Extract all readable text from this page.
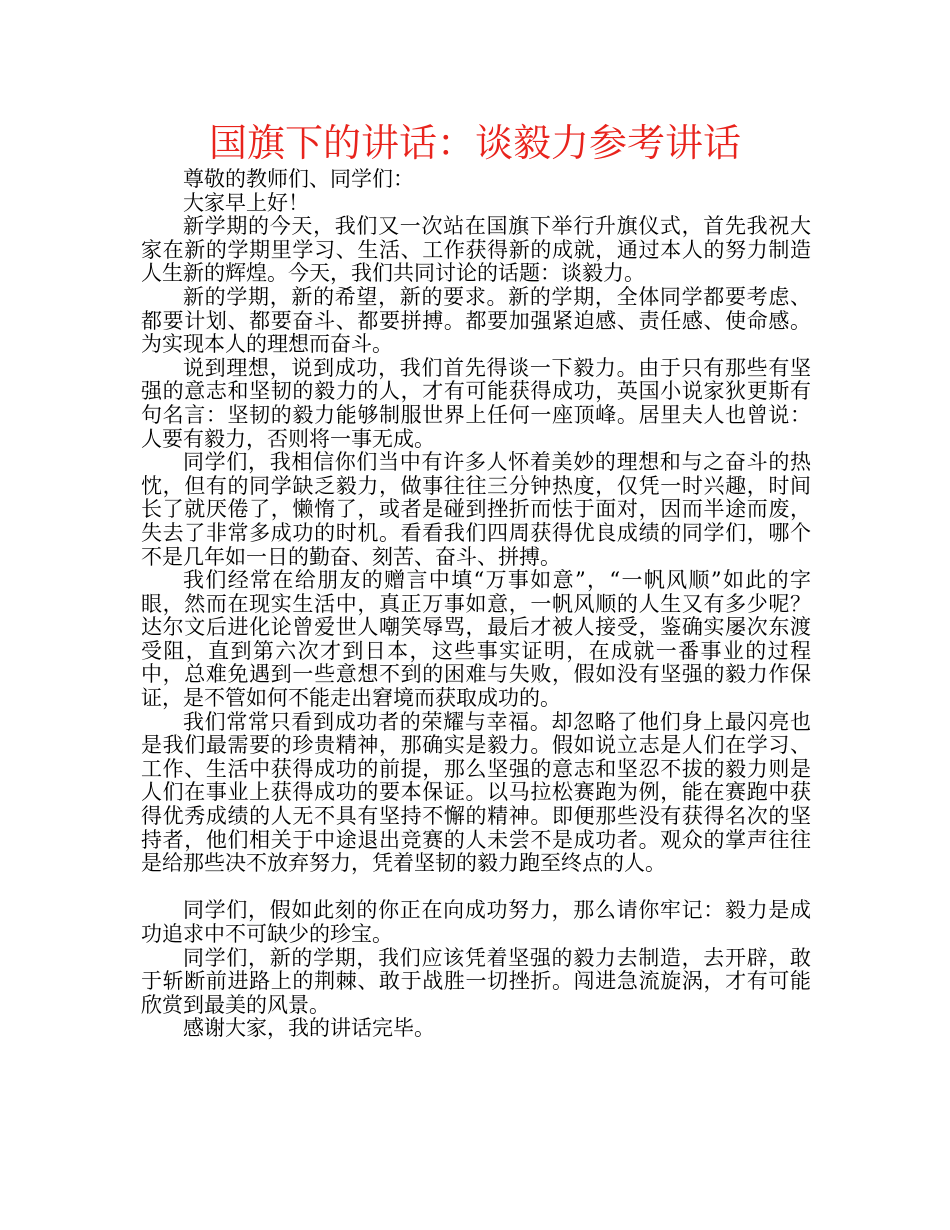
国旗下的讲话：谈毅力参考讲话

尊敬的教师们、同学们：

大家早上好！

新学期的今天，我们又一次站在国旗下举行升旗仪式，首先我祝大家在新的学期里学习、生活、工作获得新的成就，通过本人的努力制造人生新的辉煌。今天，我们共同讨论的话题：谈毅力。

新的学期，新的希望，新的要求。新的学期，全体同学都要考虑、都要计划、都要奋斗、都要拼搏。都要加强紧迫感、责任感、使命感。为实现本人的理想而奋斗。

说到理想，说到成功，我们首先得谈一下毅力。由于只有那些有坚强的意志和坚韧的毅力的人，才有可能获得成功，英国小说家狄更斯有句名言：坚韧的毅力能够制服世界上任何一座顶峰。居里夫人也曾说：人要有毅力，否则将一事无成。

同学们，我相信你们当中有许多人怀着美妙的理想和与之奋斗的热忱，但有的同学缺乏毅力，做事往往三分钟热度，仅凭一时兴趣，时间长了就厌倦了，懒惰了，或者是碰到挫折而怯于面对，因而半途而废，失去了非常多成功的时机。看看我们四周获得优良成绩的同学们，哪个不是几年如一日的勤奋、刻苦、奋斗、拼搏。

我们经常在给朋友的赠言中填“万事如意”，“一帆风顺”如此的字眼，然而在现实生活中，真正万事如意，一帆风顺的人生又有多少呢？达尔文后进化论曾爱世人嘲笑辱骂，最后才被人接受，鉴确实屡次东渡受阻，直到第六次才到日本，这些事实证明，在成就一番事业的过程中，总难免遇到一些意想不到的困难与失败，假如没有坚强的毅力作保证，是不管如何不能走出窘境而获取成功的。

我们常常只看到成功者的荣耀与幸福。却忽略了他们身上最闪亮也是我们最需要的珍贵精神，那确实是毅力。假如说立志是人们在学习、工作、生活中获得成功的前提，那么坚强的意志和坚忍不拔的毅力则是人们在事业上获得成功的要本保证。以马拉松赛跑为例，能在赛跑中获得优秀成绩的人无不具有坚持不懈的精神。即便那些没有获得名次的坚持者，他们相关于中途退出竞赛的人未尝不是成功者。观众的掌声往往是给那些决不放弃努力，凭着坚韧的毅力跑至终点的人。

同学们，假如此刻的你正在向成功努力，那么请你牢记：毅力是成功追求中不可缺少的珍宝。

同学们，新的学期，我们应该凭着坚强的毅力去制造，去开辟，敢于斩断前进路上的荆棘、敢于战胜一切挫折。闯进急流旋涡，才有可能欣赏到最美的风景。

感谢大家，我的讲话完毕。
